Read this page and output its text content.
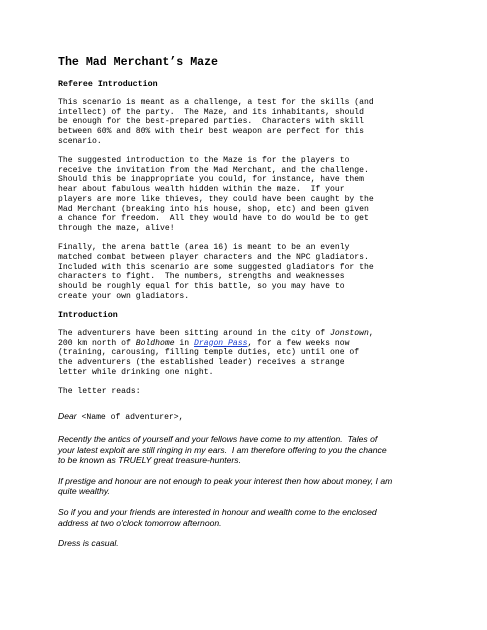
The Mad Merchant’s Maze
Referee Introduction

This scenario is meant as a challenge, a test for the skills (and
intellect) of the party.  The Maze, and its inhabitants, should
be enough for the best-prepared parties.  Characters with skill
between 60% and 80% with their best weapon are perfect for this
scenario.

The suggested introduction to the Maze is for the players to
receive the invitation from the Mad Merchant, and the challenge.
Should this be inappropriate you could, for instance, have them
hear about fabulous wealth hidden within the maze.  If your
players are more like thieves, they could have been caught by the
Mad Merchant (breaking into his house, shop, etc) and been given
a chance for freedom.  All they would have to do would be to get
through the maze, alive!

Finally, the arena battle (area 16) is meant to be an evenly
matched combat between player characters and the NPC gladiators.
Included with this scenario are some suggested gladiators for the
characters to fight.  The numbers, strengths and weaknesses
should be roughly equal for this battle, so you may have to
create your own gladiators.

Introduction

The adventurers have been sitting around in the city of Jonstown,
200 km north of Boldhome in Dragon Pass, for a few weeks now
(training, carousing, filling temple duties, etc) until one of
the adventurers (the established leader) receives a strange
letter while drinking one night.

The letter reads:

Dear <Name of adventurer>,

Recently the antics of yourself and your fellows have come to my attention.  Tales of
your latest exploit are still ringing in my ears.  I am therefore offering to you the chance
to be known as TRUELY great treasure-hunters.

If prestige and honour are not enough to peak your interest then how about money, I am
quite wealthy.

So if you and your friends are interested in honour and wealth come to the enclosed
address at two o'clock tomorrow afternoon.

Dress is casual.
